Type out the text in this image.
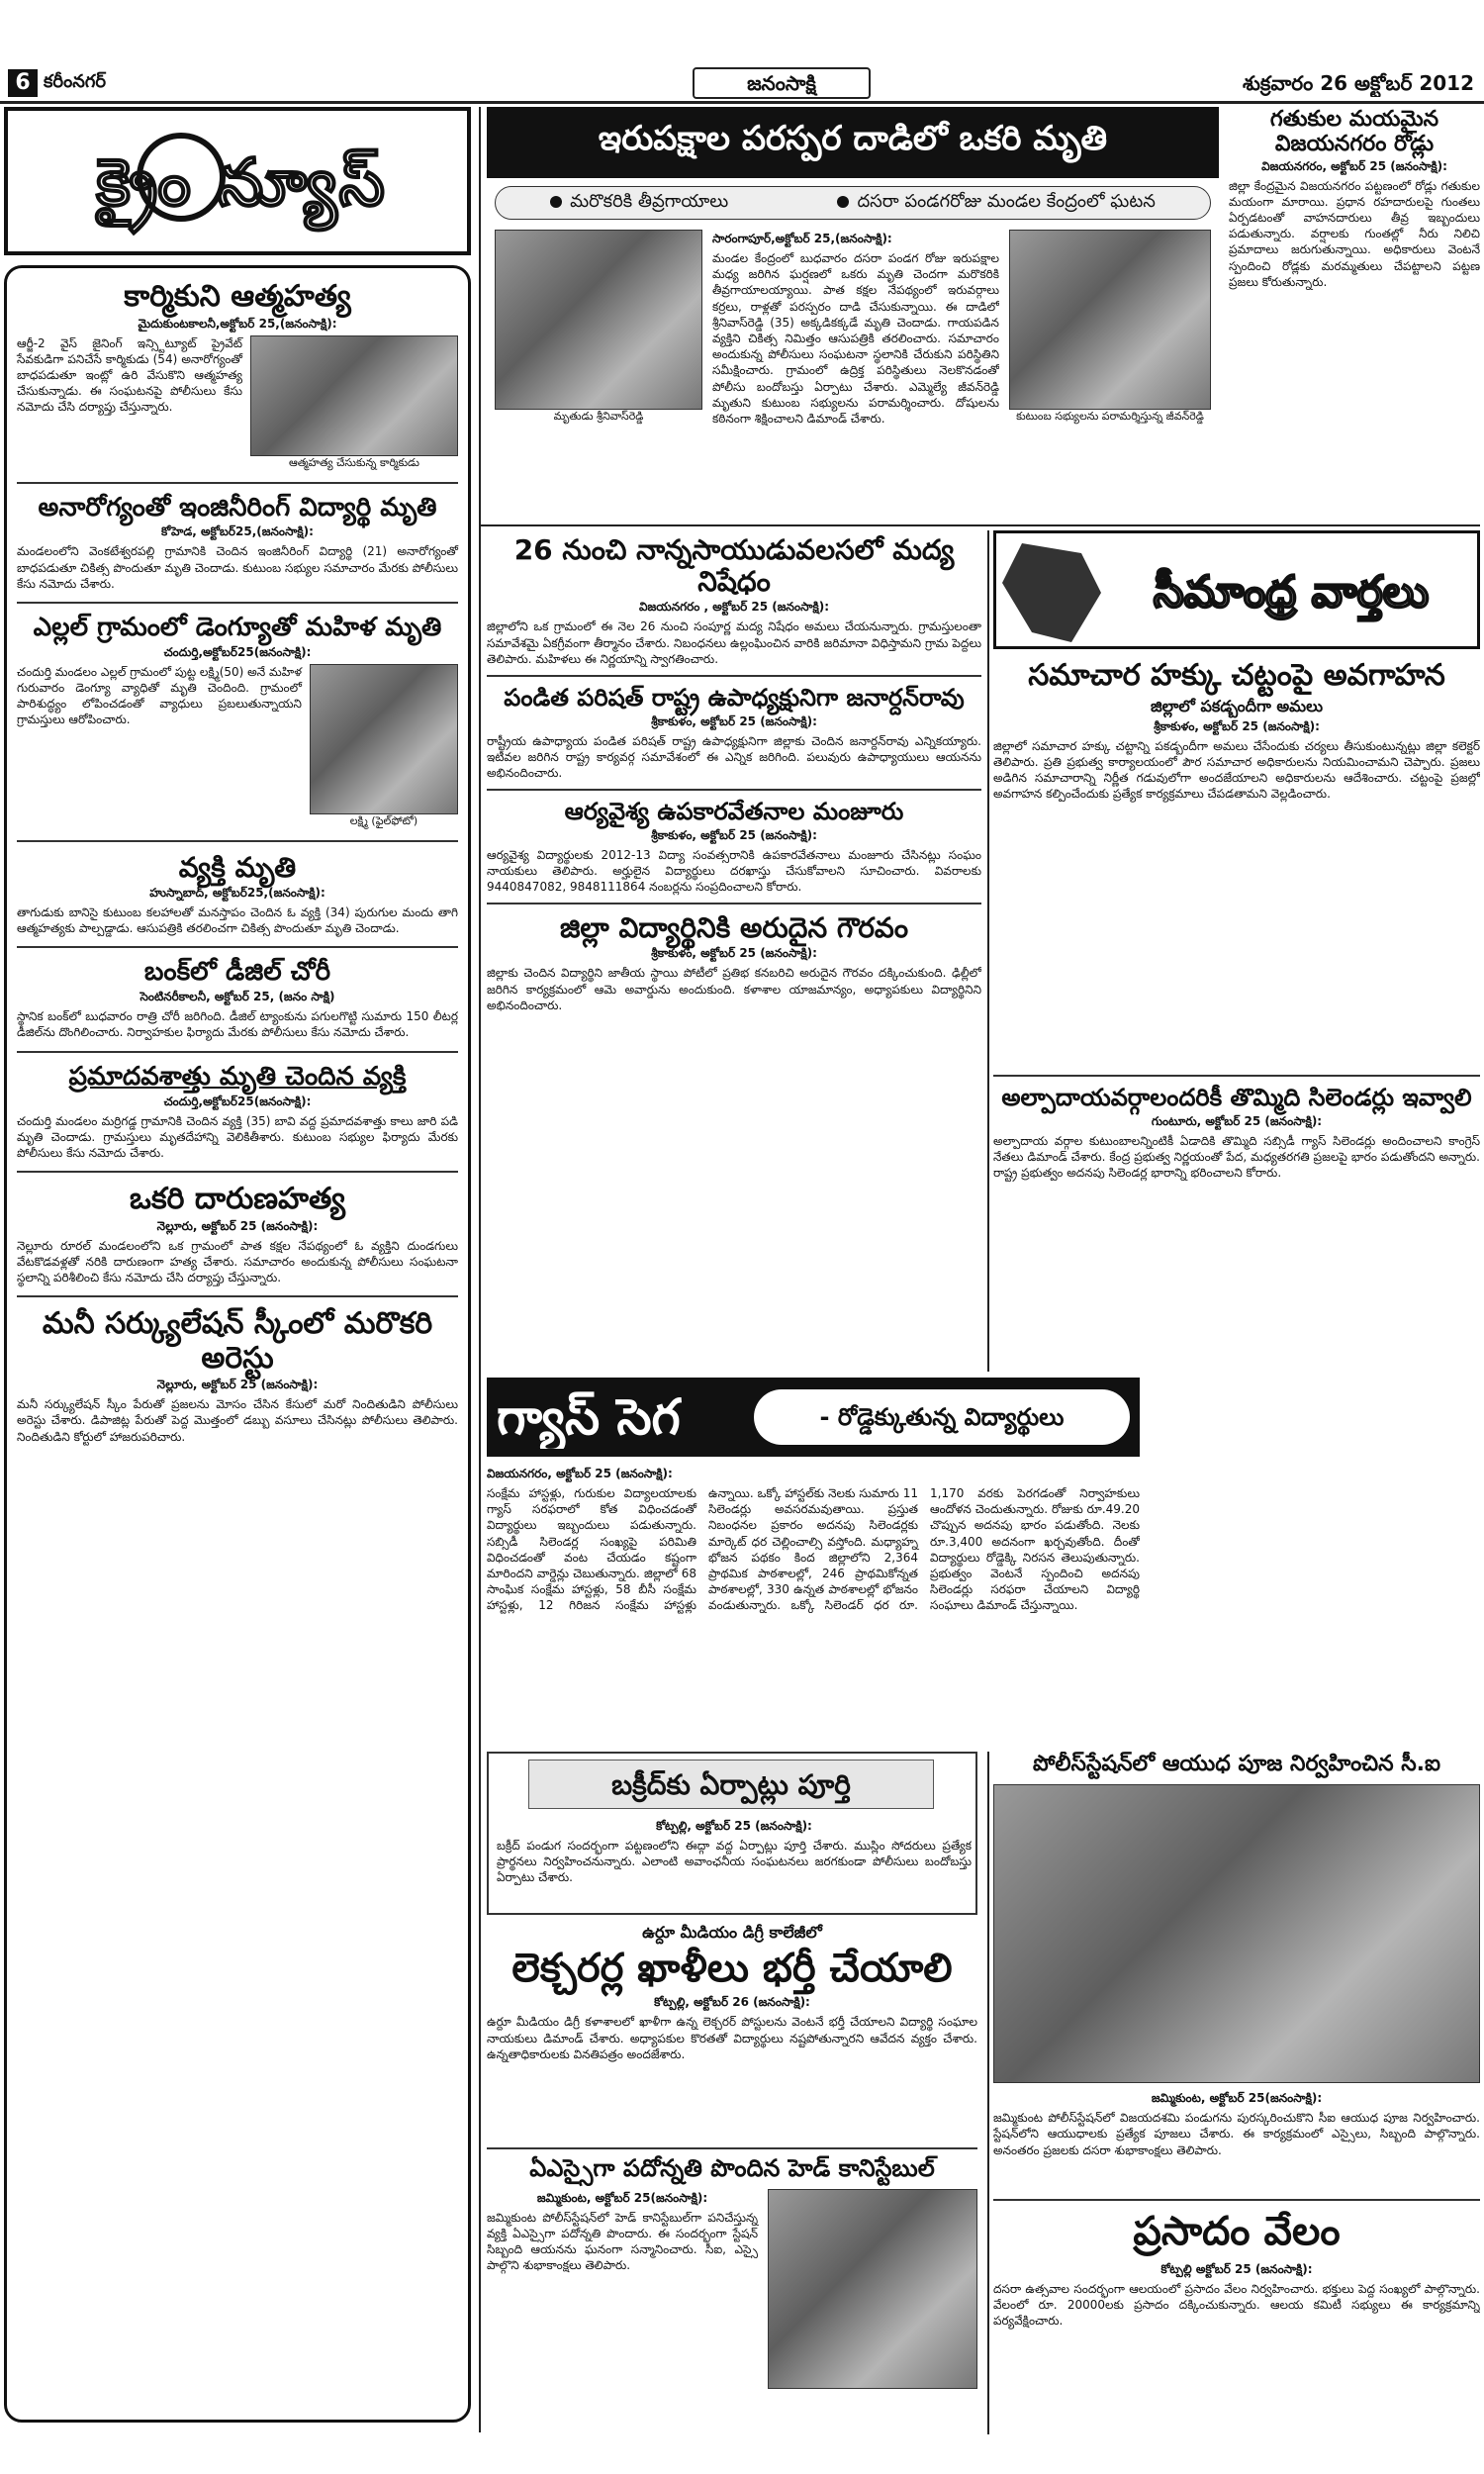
6 కరీంనగర్	జనంసాక్షి	శుక్రవారం 26 అక్టోబర్ 2012
క్రైం న్యూస్
కార్మికుని ఆత్మహత్య
మైదుకుంటకాలనీ,అక్టోబర్ 25,(జనంసాక్షి):
ఆర్జీ-2 వైస్ జైనింగ్ ఇన్స్టిట్యూట్ ప్రైవేట్ సేవకుడిగా పనిచేసే కార్మికుడు (54) అనారోగ్యంతో బాధపడుతూ ఇంట్లో ఉరి వేసుకొని ఆత్మహత్య చేసుకున్నాడు. ఈ సంఘటనపై పోలీసులు కేసు నమోదు చేసి దర్యాప్తు చేస్తున్నారు.
ఆత్మహత్య చేసుకున్న కార్మికుడు
అనారోగ్యంతో ఇంజినీరింగ్ విద్యార్థి మృతి
కోహెడ, అక్టోబర్25,(జనంసాక్షి):
మండలంలోని వెంకటేశ్వరపల్లి గ్రామానికి చెందిన ఇంజినీరింగ్ విద్యార్థి (21) అనారోగ్యంతో బాధపడుతూ చికిత్స పొందుతూ మృతి చెందాడు. కుటుంబ సభ్యుల సమాచారం మేరకు పోలీసులు కేసు నమోదు చేశారు.
ఎల్లల్ గ్రామంలో డెంగ్యూతో మహిళ మృతి
చందుర్తి,అక్టోబర్25(జనంసాక్షి):
చందుర్తి మండలం ఎల్లల్ గ్రామంలో పుట్ట లక్ష్మి(50) అనే మహిళ గురువారం డెంగ్యూ వ్యాధితో మృతి చెందింది. గ్రామంలో పారిశుద్ధ్యం లోపించడంతో వ్యాధులు ప్రబలుతున్నాయని గ్రామస్తులు ఆరోపించారు.
లక్ష్మి (ఫైల్‌ఫోటో)
వ్యక్తి మృతి
హుస్నాబాద్, అక్టోబర్25,(జనంసాక్షి):
తాగుడుకు బానిసై కుటుంబ కలహాలతో మనస్తాపం చెందిన ఓ వ్యక్తి (34) పురుగుల మందు తాగి ఆత్మహత్యకు పాల్పడ్డాడు. ఆసుపత్రికి తరలించగా చికిత్స పొందుతూ మృతి చెందాడు.
బంక్‌లో డీజిల్ చోరీ
సెంటినరీకాలనీ, అక్టోబర్ 25, (జనం సాక్షి)
స్థానిక బంక్‌లో బుధవారం రాత్రి చోరీ జరిగింది. డీజిల్ ట్యాంకును పగులగొట్టి సుమారు 150 లీటర్ల డీజిల్‌ను దొంగిలించారు. నిర్వాహకుల ఫిర్యాదు మేరకు పోలీసులు కేసు నమోదు చేశారు.
ప్రమాదవశాత్తు మృతి చెందిన వ్యక్తి
చందుర్తి,అక్టోబర్25(జనంసాక్షి):
చందుర్తి మండలం మర్రిగడ్డ గ్రామానికి చెందిన వ్యక్తి (35) బావి వద్ద ప్రమాదవశాత్తు కాలు జారి పడి మృతి చెందాడు. గ్రామస్తులు మృతదేహాన్ని వెలికితీశారు. కుటుంబ సభ్యుల ఫిర్యాదు మేరకు పోలీసులు కేసు నమోదు చేశారు.
ఒకరి దారుణహత్య
నెల్లూరు, అక్టోబర్ 25 (జనంసాక్షి):
నెల్లూరు రూరల్ మండలంలోని ఒక గ్రామంలో పాత కక్షల నేపథ్యంలో ఓ వ్యక్తిని దుండగులు వేటకొడవళ్లతో నరికి దారుణంగా హత్య చేశారు. సమాచారం అందుకున్న పోలీసులు సంఘటనా స్థలాన్ని పరిశీలించి కేసు నమోదు చేసి దర్యాప్తు చేస్తున్నారు.
మనీ సర్క్యులేషన్ స్కీంలో మరొకరి అరెస్టు
నెల్లూరు, అక్టోబర్ 25 (జనంసాక్షి):
మనీ సర్క్యులేషన్ స్కీం పేరుతో ప్రజలను మోసం చేసిన కేసులో మరో నిందితుడిని పోలీసులు అరెస్టు చేశారు. డిపాజిట్ల పేరుతో పెద్ద మొత్తంలో డబ్బు వసూలు చేసినట్లు పోలీసులు తెలిపారు. నిందితుడిని కోర్టులో హాజరుపరిచారు.
ఇరుపక్షాల పరస్పర దాడిలో ఒకరి మృతి
మరొకరికి తీవ్రగాయాలు	దసరా పండగరోజు మండల కేంద్రంలో ఘటన
మృతుడు శ్రీనివాస్‌రెడ్డి
సారంగాపూర్,అక్టోబర్ 25,(జనంసాక్షి):
మండల కేంద్రంలో బుధవారం దసరా పండగ రోజు ఇరుపక్షాల మధ్య జరిగిన ఘర్షణలో ఒకరు మృతి చెందగా మరొకరికి తీవ్రగాయాలయ్యాయి. పాత కక్షల నేపథ్యంలో ఇరువర్గాలు కర్రలు, రాళ్లతో పరస్పరం దాడి చేసుకున్నాయి. ఈ దాడిలో శ్రీనివాస్‌రెడ్డి (35) అక్కడికక్కడే మృతి చెందాడు. గాయపడిన వ్యక్తిని చికిత్స నిమిత్తం ఆసుపత్రికి తరలించారు. సమాచారం అందుకున్న పోలీసులు సంఘటనా స్థలానికి చేరుకుని పరిస్థితిని సమీక్షించారు. గ్రామంలో ఉద్రిక్త పరిస్థితులు నెలకొనడంతో పోలీసు బందోబస్తు ఏర్పాటు చేశారు. ఎమ్మెల్యే జీవన్‌రెడ్డి మృతుని కుటుంబ సభ్యులను పరామర్శించారు. దోషులను కఠినంగా శిక్షించాలని డిమాండ్ చేశారు.	కుటుంబ సభ్యులను పరామర్శిస్తున్న జీవన్‌రెడ్డి
గతుకుల మయమైన విజయనగరం రోడ్లు
విజయనగరం, అక్టోబర్ 25 (జనంసాక్షి):
జిల్లా కేంద్రమైన విజయనగరం పట్టణంలో రోడ్లు గతుకుల మయంగా మారాయి. ప్రధాన రహదారులపై గుంతలు ఏర్పడటంతో వాహనదారులు తీవ్ర ఇబ్బందులు పడుతున్నారు. వర్షాలకు గుంతల్లో నీరు నిలిచి ప్రమాదాలు జరుగుతున్నాయి. అధికారులు వెంటనే స్పందించి రోడ్లకు మరమ్మతులు చేపట్టాలని పట్టణ ప్రజలు కోరుతున్నారు.
26 నుంచి నాన్నసాయుడువలసలో మద్య నిషేధం
విజయనగరం , అక్టోబర్ 25 (జనంసాక్షి):
జిల్లాలోని ఒక గ్రామంలో ఈ నెల 26 నుంచి సంపూర్ణ మద్య నిషేధం అమలు చేయనున్నారు. గ్రామస్తులంతా సమావేశమై ఏకగ్రీవంగా తీర్మానం చేశారు. నిబంధనలు ఉల్లంఘించిన వారికి జరిమానా విధిస్తామని గ్రామ పెద్దలు తెలిపారు. మహిళలు ఈ నిర్ణయాన్ని స్వాగతించారు.
పండిత పరిషత్ రాష్ట్ర ఉపాధ్యక్షునిగా జనార్దన్‌రావు
శ్రీకాకుళం, అక్టోబర్ 25 (జనంసాక్షి):
రాష్ట్రీయ ఉపాధ్యాయ పండిత పరిషత్ రాష్ట్ర ఉపాధ్యక్షునిగా జిల్లాకు చెందిన జనార్దన్‌రావు ఎన్నికయ్యారు. ఇటీవల జరిగిన రాష్ట్ర కార్యవర్గ సమావేశంలో ఈ ఎన్నిక జరిగింది. పలువురు ఉపాధ్యాయులు ఆయనను అభినందించారు.
ఆర్యవైశ్య ఉపకారవేతనాల మంజూరు
శ్రీకాకుళం, అక్టోబర్ 25 (జనంసాక్షి):
ఆర్యవైశ్య విద్యార్థులకు 2012-13 విద్యా సంవత్సరానికి ఉపకారవేతనాలు మంజూరు చేసినట్లు సంఘం నాయకులు తెలిపారు. అర్హులైన విద్యార్థులు దరఖాస్తు చేసుకోవాలని సూచించారు. వివరాలకు 9440847082, 9848111864 నంబర్లను సంప్రదించాలని కోరారు.
జిల్లా విద్యార్థినికి అరుదైన గౌరవం
శ్రీకాకుళం, అక్టోబర్ 25 (జనంసాక్షి):
జిల్లాకు చెందిన విద్యార్థిని జాతీయ స్థాయి పోటీలో ప్రతిభ కనబరిచి అరుదైన గౌరవం దక్కించుకుంది. ఢిల్లీలో జరిగిన కార్యక్రమంలో ఆమె అవార్డును అందుకుంది. కళాశాల యాజమాన్యం, అధ్యాపకులు విద్యార్థినిని అభినందించారు.
సీమాంధ్ర వార్తలు
సమాచార హక్కు చట్టంపై అవగాహన
జిల్లాలో పకడ్బందీగా అమలు
శ్రీకాకుళం, అక్టోబర్ 25 (జనంసాక్షి):
జిల్లాలో సమాచార హక్కు చట్టాన్ని పకడ్బందీగా అమలు చేసేందుకు చర్యలు తీసుకుంటున్నట్లు జిల్లా కలెక్టర్ తెలిపారు. ప్రతి ప్రభుత్వ కార్యాలయంలో పౌర సమాచార అధికారులను నియమించామని చెప్పారు. ప్రజలు అడిగిన సమాచారాన్ని నిర్ణీత గడువులోగా అందజేయాలని అధికారులను ఆదేశించారు. చట్టంపై ప్రజల్లో అవగాహన కల్పించేందుకు ప్రత్యేక కార్యక్రమాలు చేపడతామని వెల్లడించారు.
అల్పాదాయవర్గాలందరికీ తొమ్మిది సిలెండర్లు ఇవ్వాలి
గుంటూరు, అక్టోబర్ 25 (జనంసాక్షి):
అల్పాదాయ వర్గాల కుటుంబాలన్నింటికీ ఏడాదికి తొమ్మిది సబ్సిడీ గ్యాస్ సిలెండర్లు అందించాలని కాంగ్రెస్ నేతలు డిమాండ్ చేశారు. కేంద్ర ప్రభుత్వ నిర్ణయంతో పేద, మధ్యతరగతి ప్రజలపై భారం పడుతోందని అన్నారు. రాష్ట్ర ప్రభుత్వం అదనపు సిలెండర్ల భారాన్ని భరించాలని కోరారు.
గ్యాస్ సెగ	- రోడ్డెక్కుతున్న విద్యార్థులు
విజయనగరం, అక్టోబర్ 25 (జనంసాక్షి):
సంక్షేమ హాస్టళ్లు, గురుకుల విద్యాలయాలకు గ్యాస్ సరఫరాలో కోత విధించడంతో విద్యార్థులు ఇబ్బందులు పడుతున్నారు. సబ్సిడీ సిలెండర్ల సంఖ్యపై పరిమితి విధించడంతో వంట చేయడం కష్టంగా మారిందని వార్డెన్లు చెబుతున్నారు. జిల్లాలో 68 సాంఘిక సంక్షేమ హాస్టళ్లు, 58 బీసీ సంక్షేమ హాస్టళ్లు, 12 గిరిజన సంక్షేమ హాస్టళ్లు ఉన్నాయి. ఒక్కో హాస్టల్‌కు నెలకు సుమారు 11 సిలెండర్లు అవసరమవుతాయి. ప్రస్తుత నిబంధనల ప్రకారం అదనపు సిలెండర్లకు మార్కెట్ ధర చెల్లించాల్సి వస్తోంది. మధ్యాహ్న భోజన పథకం కింద జిల్లాలోని 2,364 ప్రాథమిక పాఠశాలల్లో, 246 ప్రాథమికోన్నత పాఠశాలల్లో, 330 ఉన్నత పాఠశాలల్లో భోజనం వండుతున్నారు. ఒక్కో సిలెండర్ ధర రూ. 1,170 వరకు పెరగడంతో నిర్వాహకులు ఆందోళన చెందుతున్నారు. రోజుకు రూ.49.20 చొప్పున అదనపు భారం పడుతోంది. నెలకు రూ.3,400 అదనంగా ఖర్చవుతోంది. దీంతో విద్యార్థులు రోడ్డెక్కి నిరసన తెలుపుతున్నారు. ప్రభుత్వం వెంటనే స్పందించి అదనపు సిలెండర్లు సరఫరా చేయాలని విద్యార్థి సంఘాలు డిమాండ్ చేస్తున్నాయి.
బక్రీద్‌కు ఏర్పాట్లు పూర్తి
కోట్పల్లి, అక్టోబర్ 25 (జనంసాక్షి):
బక్రీద్ పండుగ సందర్భంగా పట్టణంలోని ఈద్గా వద్ద ఏర్పాట్లు పూర్తి చేశారు. ముస్లిం సోదరులు ప్రత్యేక ప్రార్థనలు నిర్వహించనున్నారు. ఎలాంటి అవాంఛనీయ సంఘటనలు జరగకుండా పోలీసులు బందోబస్తు ఏర్పాటు చేశారు.
ఉర్దూ మీడియం డిగ్రీ కాలేజీలో
లెక్చరర్ల ఖాళీలు భర్తీ చేయాలి
కోట్పల్లి, అక్టోబర్ 26 (జనంసాక్షి):
ఉర్దూ మీడియం డిగ్రీ కళాశాలలో ఖాళీగా ఉన్న లెక్చరర్ పోస్టులను వెంటనే భర్తీ చేయాలని విద్యార్థి సంఘాల నాయకులు డిమాండ్ చేశారు. అధ్యాపకుల కొరతతో విద్యార్థులు నష్టపోతున్నారని ఆవేదన వ్యక్తం చేశారు. ఉన్నతాధికారులకు వినతిపత్రం అందజేశారు.
ఏఎస్సైగా పదోన్నతి పొందిన హెడ్ కానిస్టేబుల్
జమ్మికుంట, అక్టోబర్ 25(జనంసాక్షి):
జమ్మికుంట పోలీస్‌స్టేషన్‌లో హెడ్ కానిస్టేబుల్‌గా పనిచేస్తున్న వ్యక్తి ఏఎస్సైగా పదోన్నతి పొందారు. ఈ సందర్భంగా స్టేషన్ సిబ్బంది ఆయనను ఘనంగా సన్మానించారు. సీఐ, ఎస్సై పాల్గొని శుభాకాంక్షలు తెలిపారు.
పోలీస్‌స్టేషన్‌లో ఆయుధ పూజ నిర్వహించిన సీ.ఐ
జమ్మికుంట, అక్టోబర్ 25(జనంసాక్షి):
జమ్మికుంట పోలీస్‌స్టేషన్‌లో విజయదశమి పండుగను పురస్కరించుకొని సీఐ ఆయుధ పూజ నిర్వహించారు. స్టేషన్‌లోని ఆయుధాలకు ప్రత్యేక పూజలు చేశారు. ఈ కార్యక్రమంలో ఎస్సైలు, సిబ్బంది పాల్గొన్నారు. అనంతరం ప్రజలకు దసరా శుభాకాంక్షలు తెలిపారు.
ప్రసాదం వేలం
కోట్పల్లి అక్టోబర్ 25 (జనంసాక్షి):
దసరా ఉత్సవాల సందర్భంగా ఆలయంలో ప్రసాదం వేలం నిర్వహించారు. భక్తులు పెద్ద సంఖ్యలో పాల్గొన్నారు. వేలంలో రూ. 20000లకు ప్రసాదం దక్కించుకున్నారు. ఆలయ కమిటీ సభ్యులు ఈ కార్యక్రమాన్ని పర్యవేక్షించారు.
